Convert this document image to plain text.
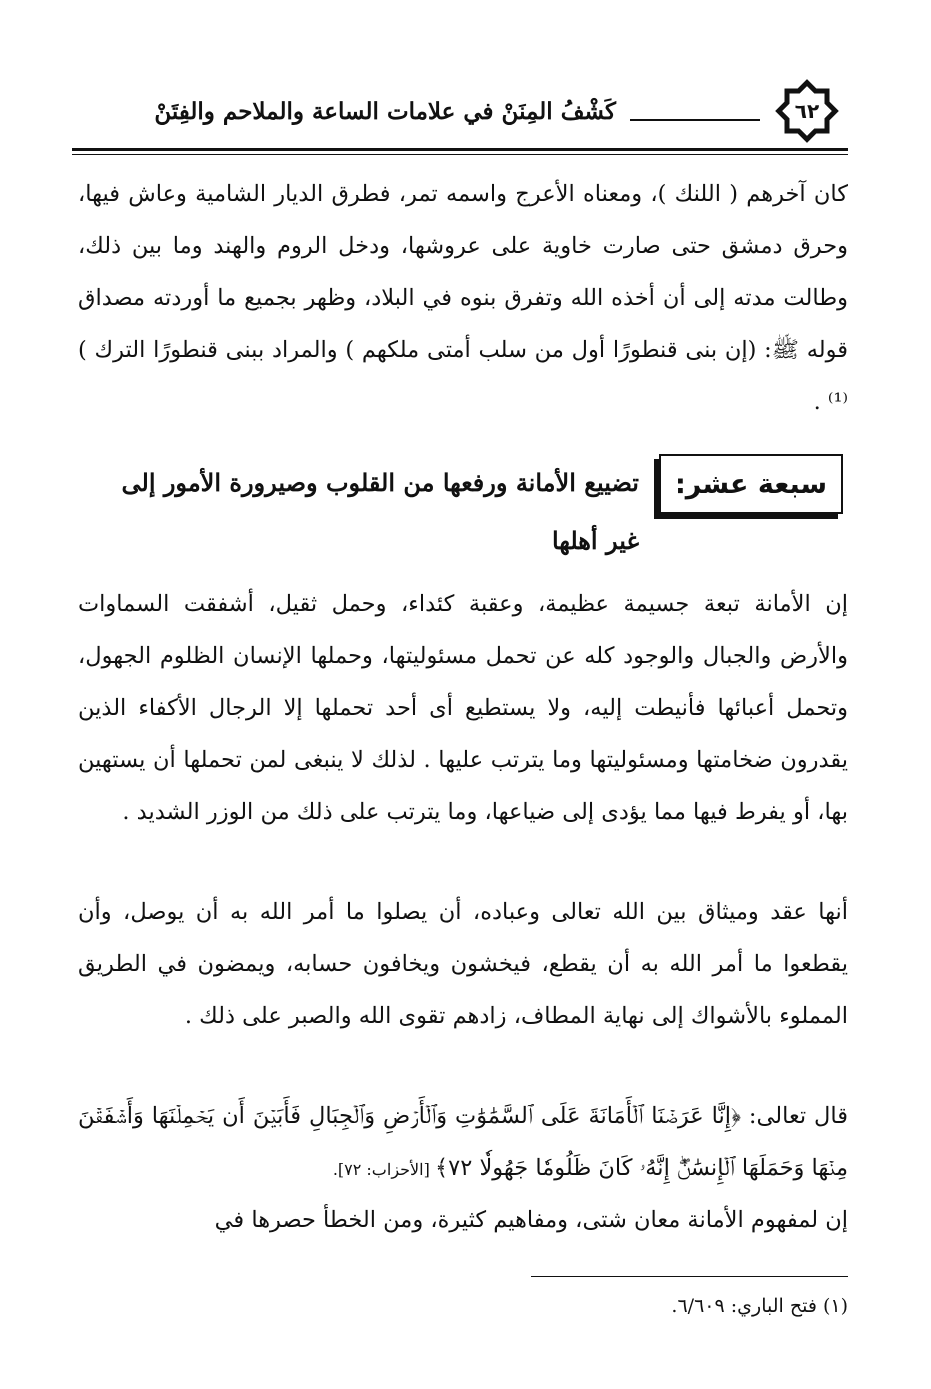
٦٢
كَشْفُ المِنَنْ في علامات الساعة والملاحم والفِتَنْ
كان آخرهم ( اللنك )، ومعناه الأعرج واسمه تمر، فطرق الديار الشامية وعاش فيها، وحرق دمشق حتى صارت خاوية على عروشها، ودخل الروم والهند وما بين ذلك، وطالت مدته إلى أن أخذه الله وتفرق بنوه في البلاد، وظهر بجميع ما أوردته مصداق قوله ﷺ: (إن بنى قنطورًا أول من سلب أمتى ملكهم ) والمراد ببنى قنطورًا الترك ) ⁽¹⁾ .
سبعة عشر:
تضييع الأمانة ورفعها من القلوب وصيرورة الأمور إلى غير أهلها
إن الأمانة تبعة جسيمة عظيمة، وعقبة كئداء، وحمل ثقيل، أشفقت السماوات والأرض والجبال والوجود كله عن تحمل مسئوليتها، وحملها الإنسان الظلوم الجهول، وتحمل أعبائها فأنيطت إليه، ولا يستطيع أى أحد تحملها إلا الرجال الأكفاء الذين يقدرون ضخامتها ومسئوليتها وما يترتب عليها . لذلك لا ينبغى لمن تحملها أن يستهين بها، أو يفرط فيها مما يؤدى إلى ضياعها، وما يترتب على ذلك من الوزر الشديد .
أنها عقد وميثاق بين الله تعالى وعباده، أن يصلوا ما أمر الله به أن يوصل، وأن يقطعوا ما أمر الله به أن يقطع، فيخشون ويخافون حسابه، ويمضون في الطريق المملوء بالأشواك إلى نهاية المطاف، زادهم تقوى الله والصبر على ذلك .
قال تعالى: ﴿إِنَّا عَرَضۡنَا ٱلۡأَمَانَةَ عَلَى ٱلسَّمَٰوَٰتِ وَٱلۡأَرۡضِ وَٱلۡجِبَالِ فَأَبَيۡنَ أَن يَحۡمِلۡنَهَا وَأَشۡفَقۡنَ مِنۡهَا وَحَمَلَهَا ٱلۡإِنسَٰنُۖ إِنَّهُۥ كَانَ ظَلُومٗا جَهُولٗا ٧٢﴾ [الأحزاب: ٧٢].
إن لمفهوم الأمانة معان شتى، ومفاهيم كثيرة، ومن الخطأ حصرها في
(١) فتح الباري: ٦/٦٠٩.
